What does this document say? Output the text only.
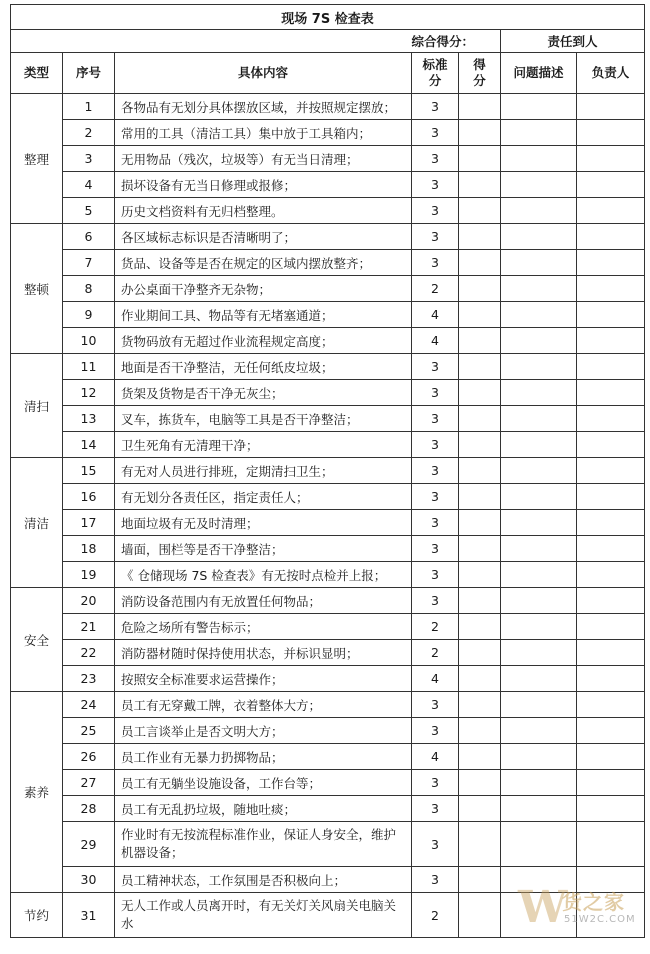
现场 7S 检查表						
			综合得分：		责任到人	
类型	序号	具体内容	标准分	得分	问题描述	负责人
整理	1	各物品有无划分具体摆放区域，并按照规定摆放；	3			
	2	常用的工具（清洁工具）集中放于工具箱内；	3			
	3	无用物品（残次，垃圾等）有无当日清理；	3			
	4	损坏设备有无当日修理或报修；	3			
	5	历史文档资料有无归档整理。	3			
整顿	6	各区域标志标识是否清晰明了；	3			
	7	货品、设备等是否在规定的区域内摆放整齐；	3			
	8	办公桌面干净整齐无杂物；	2			
	9	作业期间工具、物品等有无堵塞通道；	4			
	10	货物码放有无超过作业流程规定高度；	4			
清扫	11	地面是否干净整洁，无任何纸皮垃圾；	3			
	12	货架及货物是否干净无灰尘；	3			
	13	叉车，拣货车，电脑等工具是否干净整洁；	3			
	14	卫生死角有无清理干净；	3			
清洁	15	有无对人员进行排班，定期清扫卫生；	3			
	16	有无划分各责任区，指定责任人；	3			
	17	地面垃圾有无及时清理；	3			
	18	墙面，围栏等是否干净整洁；	3			
	19	《 仓储现场 7S 检查表》有无按时点检并上报；	3			
安全	20	消防设备范围内有无放置任何物品；	3			
	21	危险之场所有警告标示；	2			
	22	消防器材随时保持使用状态，并标识显明；	2			
	23	按照安全标准要求运营操作；	4			
素养	24	员工有无穿戴工牌，衣着整体大方；	3			
	25	员工言谈举止是否文明大方；	3			
	26	员工作业有无暴力扔掷物品；	4			
	27	员工有无躺坐设施设备，工作台等；	3			
	28	员工有无乱扔垃圾，随地吐痰；	3			
	29	作业时有无按流程标准作业，保证人身安全，维护机器设备；	3			
	30	员工精神状态，工作氛围是否积极向上；	3			
节约	31	无人工作或人员离开时，有无关灯关风扇关电脑关水	2			W
货之家
51W2C.COM
